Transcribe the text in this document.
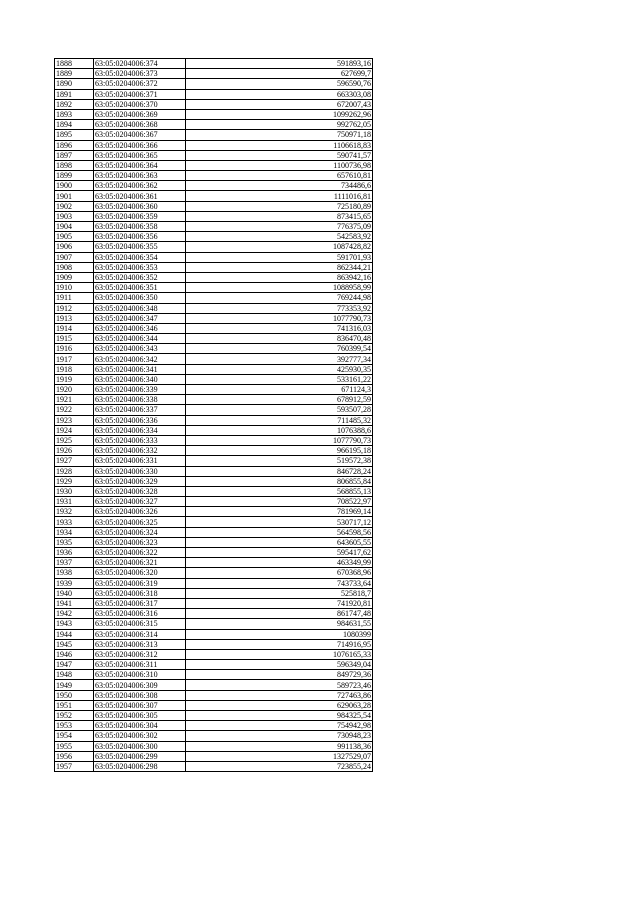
1888	63:05:0204006:374	591893,16
1889	63:05:0204006:373	627699,7
1890	63:05:0204006:372	596590,76
1891	63:05:0204006:371	663303,08
1892	63:05:0204006:370	672007,43
1893	63:05:0204006:369	1099262,96
1894	63:05:0204006:368	992762,05
1895	63:05:0204006:367	750971,18
1896	63:05:0204006:366	1106618,83
1897	63:05:0204006:365	590741,57
1898	63:05:0204006:364	1100736,98
1899	63:05:0204006:363	657610,81
1900	63:05:0204006:362	734486,6
1901	63:05:0204006:361	1111016,81
1902	63:05:0204006:360	725180,89
1903	63:05:0204006:359	873415,65
1904	63:05:0204006:358	776375,09
1905	63:05:0204006:356	542583,92
1906	63:05:0204006:355	1087428,82
1907	63:05:0204006:354	591701,93
1908	63:05:0204006:353	862344,21
1909	63:05:0204006:352	863942,16
1910	63:05:0204006:351	1088958,99
1911	63:05:0204006:350	769244,98
1912	63:05:0204006:348	773353,92
1913	63:05:0204006:347	1077790,73
1914	63:05:0204006:346	741316,03
1915	63:05:0204006:344	836470,48
1916	63:05:0204006:343	760399,54
1917	63:05:0204006:342	392777,34
1918	63:05:0204006:341	425930,35
1919	63:05:0204006:340	533161,22
1920	63:05:0204006:339	671124,3
1921	63:05:0204006:338	678912,59
1922	63:05:0204006:337	593507,28
1923	63:05:0204006:336	711485,32
1924	63:05:0204006:334	1076388,6
1925	63:05:0204006:333	1077790,73
1926	63:05:0204006:332	966195,18
1927	63:05:0204006:331	519572,38
1928	63:05:0204006:330	846728,24
1929	63:05:0204006:329	806855,84
1930	63:05:0204006:328	568855,13
1931	63:05:0204006:327	708522,97
1932	63:05:0204006:326	781969,14
1933	63:05:0204006:325	530717,12
1934	63:05:0204006:324	564598,56
1935	63:05:0204006:323	643605,55
1936	63:05:0204006:322	595417,62
1937	63:05:0204006:321	463349,99
1938	63:05:0204006:320	670368,96
1939	63:05:0204006:319	743733,64
1940	63:05:0204006:318	525818,7
1941	63:05:0204006:317	741920,81
1942	63:05:0204006:316	861747,48
1943	63:05:0204006:315	984631,55
1944	63:05:0204006:314	1080399
1945	63:05:0204006:313	714916,95
1946	63:05:0204006:312	1076165,33
1947	63:05:0204006:311	596349,04
1948	63:05:0204006:310	849729,36
1949	63:05:0204006:309	589723,46
1950	63:05:0204006:308	727463,86
1951	63:05:0204006:307	629063,28
1952	63:05:0204006:305	984325,54
1953	63:05:0204006:304	754942,98
1954	63:05:0204006:302	730948,23
1955	63:05:0204006:300	991138,36
1956	63:05:0204006:299	1327529,07
1957	63:05:0204006:298	723855,24
